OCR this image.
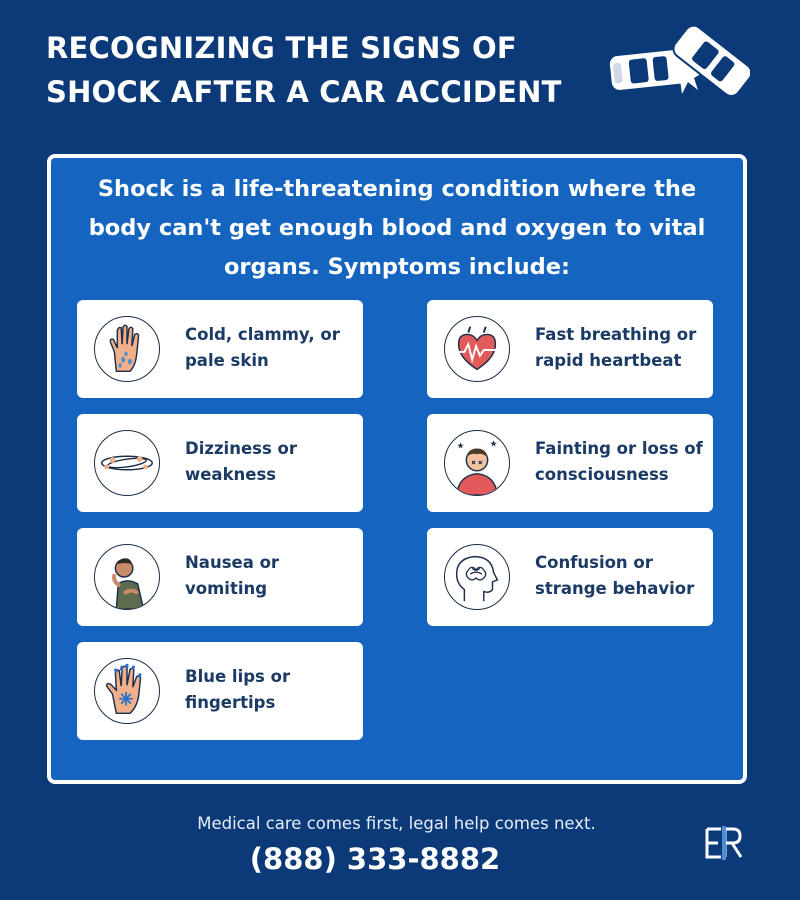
RECOGNIZING THE SIGNS OF SHOCK AFTER A CAR ACCIDENT
Shock is a life-threatening condition where the body can't get enough blood and oxygen to vital organs. Symptoms include:
Cold, clammy, or pale skin
Fast breathing or rapid heartbeat
Dizziness or weakness
★	★ Fainting or loss of consciousness
Nausea or vomiting
Confusion or strange behavior
Blue lips or fingertips
Medical care comes first, legal help comes next.
(888) 333-8882
